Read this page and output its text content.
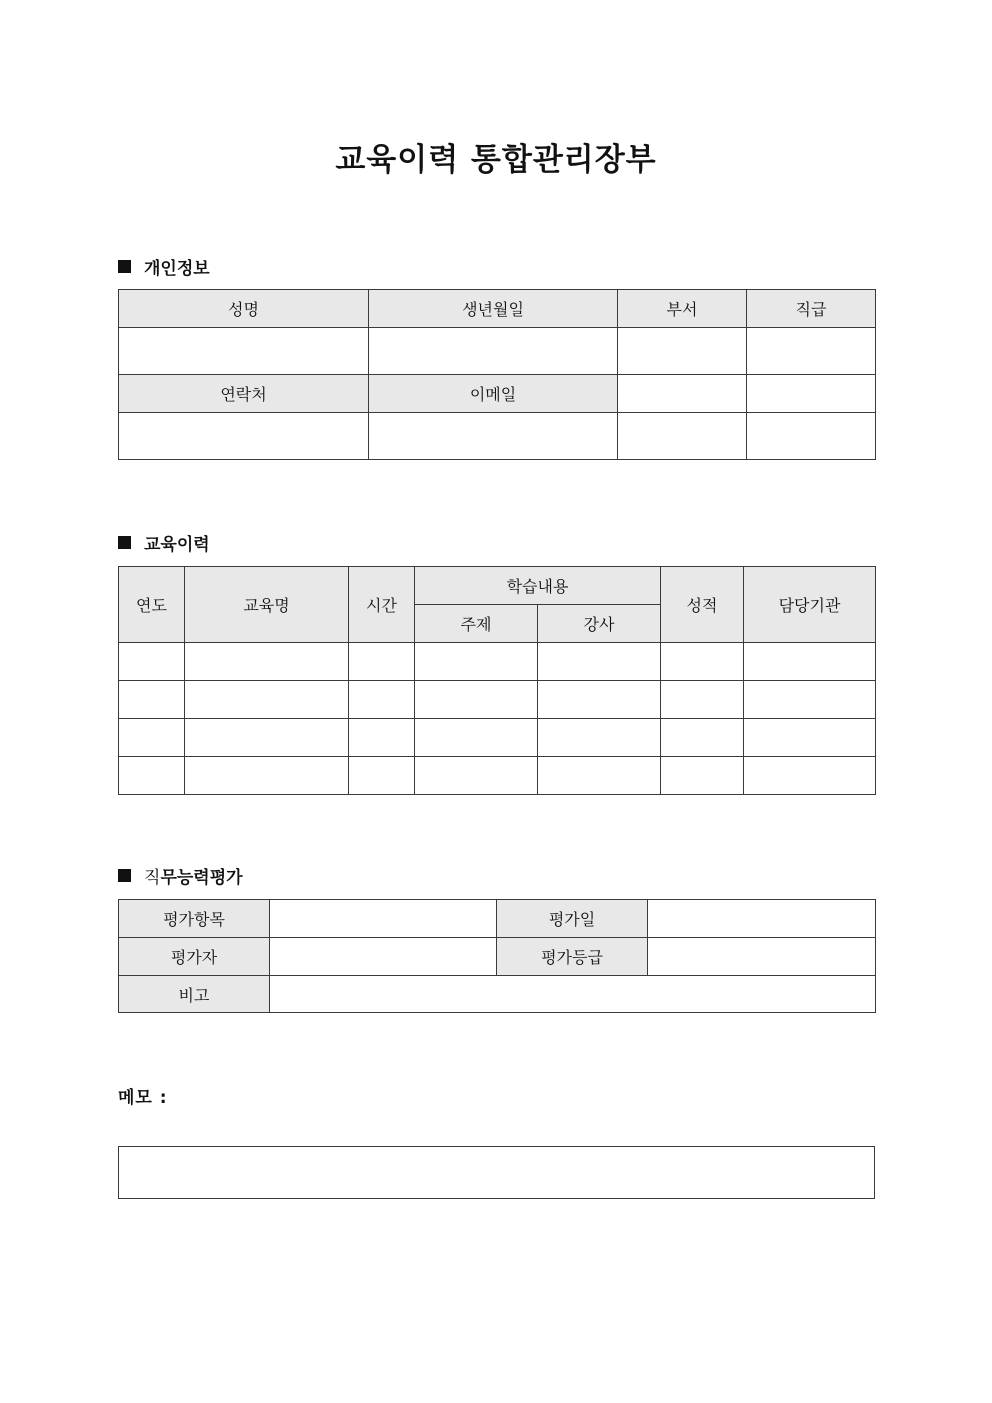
교육이력 통합관리장부
개인정보
성명	생년월일	부서	직급

연락처	이메일		

교육이력
연도	교육명	시간	학습내용		성적	담당기관
			주제	강사		

직 무능력평가
평가항목		평가일	
평가자		평가등급	
비고			
메모 :
